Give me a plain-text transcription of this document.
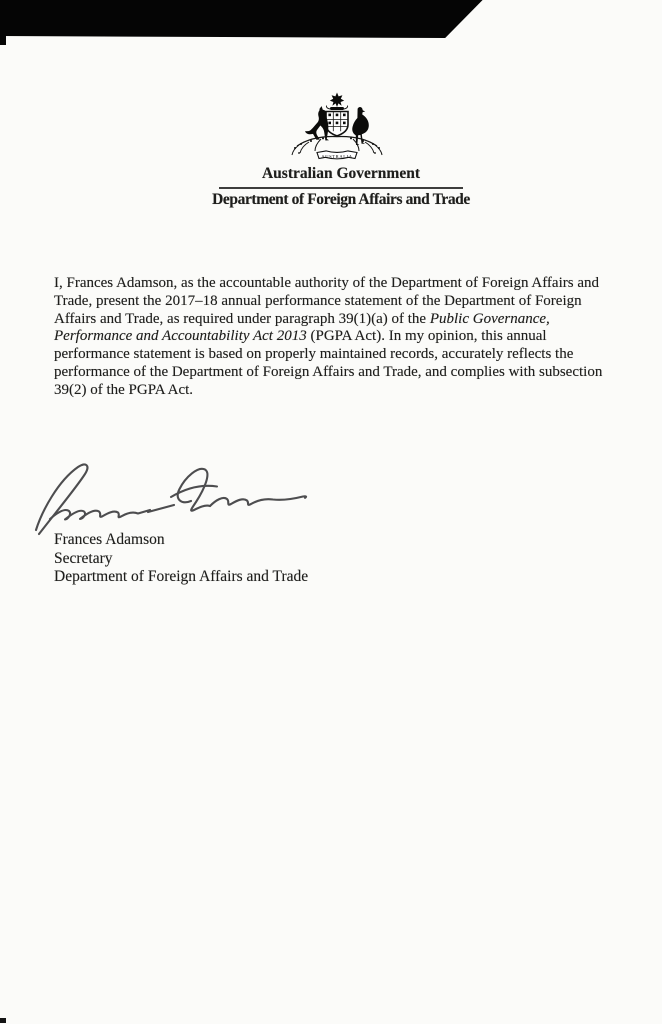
AUSTRALIA
Australian Government
Department of Foreign Affairs and Trade

I, Frances Adamson, as the accountable authority of the Department of Foreign Affairs and Trade, present the 2017–18 annual performance statement of the Department of Foreign Affairs and Trade, as required under paragraph 39(1)(a) of the Public Governance, Performance and Accountability Act 2013 (PGPA Act). In my opinion, this annual performance statement is based on properly maintained records, accurately reflects the performance of the Department of Foreign Affairs and Trade, and complies with subsection 39(2) of the PGPA Act.

Frances Adamson
Secretary
Department of Foreign Affairs and Trade
